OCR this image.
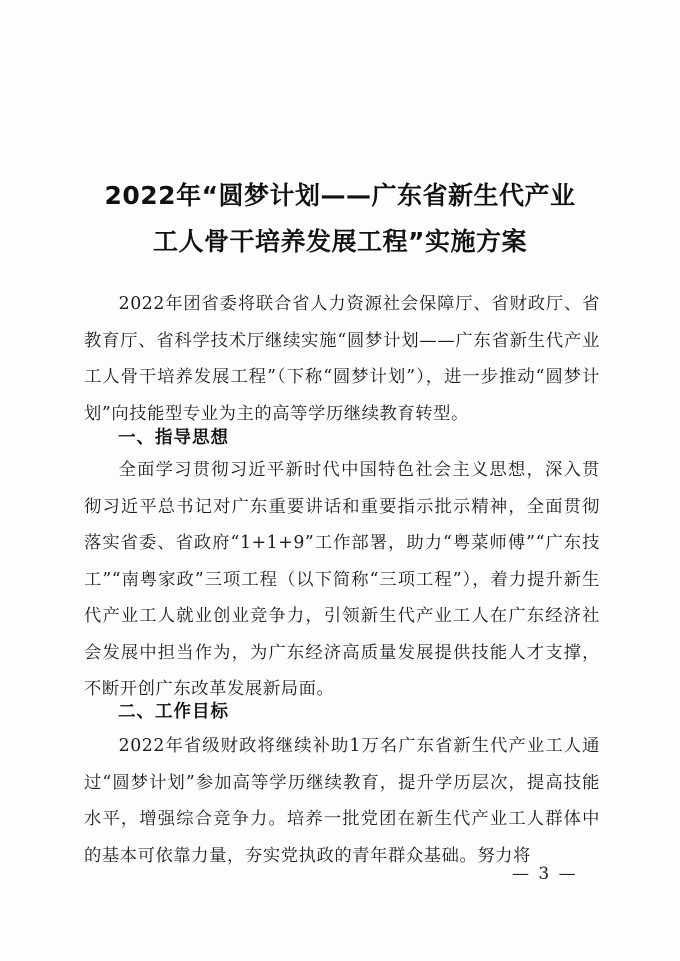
2022年“圆梦计划——广东省新生代产业
工人骨干培养发展工程”实施方案
2022年团省委将联合省人力资源社会保障厅、省财政厅、省教育厅、省科学技术厅继续实施“圆梦计划——广东省新生代产业工人骨干培养发展工程”（下称“圆梦计划”），进一步推动“圆梦计划”向技能型专业为主的高等学历继续教育转型。
一、指导思想
全面学习贯彻习近平新时代中国特色社会主义思想，深入贯彻习近平总书记对广东重要讲话和重要指示批示精神，全面贯彻落实省委、省政府“1+1+9”工作部署，助力“粤菜师傅”“广东技工”“南粤家政”三项工程（以下简称“三项工程”），着力提升新生代产业工人就业创业竞争力，引领新生代产业工人在广东经济社会发展中担当作为，为广东经济高质量发展提供技能人才支撑，不断开创广东改革发展新局面。
二、工作目标
2022年省级财政将继续补助1万名广东省新生代产业工人通过“圆梦计划”参加高等学历继续教育，提升学历层次，提高技能水平，增强综合竞争力。培养一批党团在新生代产业工人群体中的基本可依靠力量，夯实党执政的青年群众基础。努力将
— 3 —
